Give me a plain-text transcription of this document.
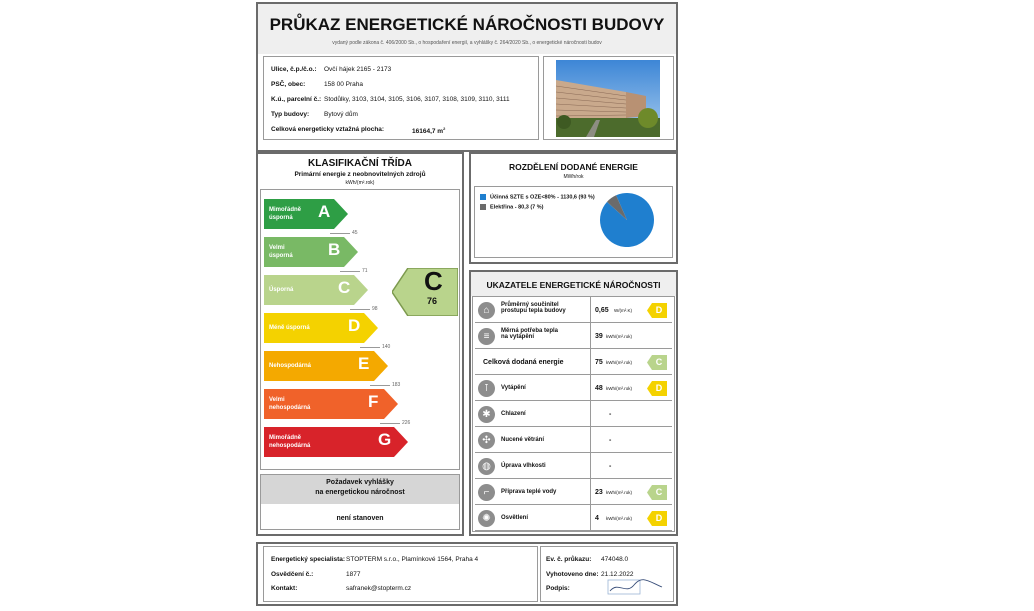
PRŮKAZ ENERGETICKÉ NÁROČNOSTI BUDOVY
vydaný podle zákona č. 406/2000 Sb., o hospodaření energií, a vyhlášky č. 264/2020 Sb., o energetické náročnosti budov
Ulice, č.p./č.o.: Ovčí hájek 2165 - 2173
PSČ, obec:	158 00 Praha
K.ú., parcelní č.: Stodůlky, 3103, 3104, 3105, 3106, 3107, 3108, 3109, 3110, 3111
Typ budovy: Bytový dům
Celková energeticky vztažná plocha:	16164,7 $m^2$
KLASIFIKAČNÍ TŘÍDA
Primární energie z neobnovitelných zdrojů
kWh/(m².rok)
Mimořádně
úsporná	A
45
Velmi
úsporná B
71
Úsporná	C
98
Méně úsporná D
140
Nehospodárná	E
183
Velmi
nehospodárná	F
226
Mimořádně
nehospodárná	G
C
76
Požadavek vyhlášky
na energetickou náročnost
není stanoven
ROZDĚLENÍ DODANÉ ENERGIE
MWh/rok
Účinná SZTE s OZE<80% - 1130,6 (93 %)
Elektřina - 80,3 (7 %)
UKAZATELE ENERGETICKÉ NÁROČNOSTI
⌂	Průměrný součinitel
prostupu tepla budovy	0,65 W/(m².K)	D
≡	Měrná potřeba tepla
na vytápění	39 kWh/(m².rok)
Celková dodaná energie	75 kWh/(m².rok)	C
⊺	Vytápění	48 kWh/(m².rok)	D
✱	Chlazení	-
✣	Nucené větrání	-
◍	Úprava vlhkosti	-
⌐	Příprava teplé vody	23 kWh/(m².rok)	C
✺	Osvětlení	4 kWh/(m².rok)	D
Energetický specialista: STOPTERM s.r.o., Plamínkové 1564, Praha 4
Osvědčení č.:	1877
Kontakt:	safranek@stopterm.cz
Ev. č. průkazu: 474048.0
Vyhotoveno dne: 21.12.2022
Podpis:
